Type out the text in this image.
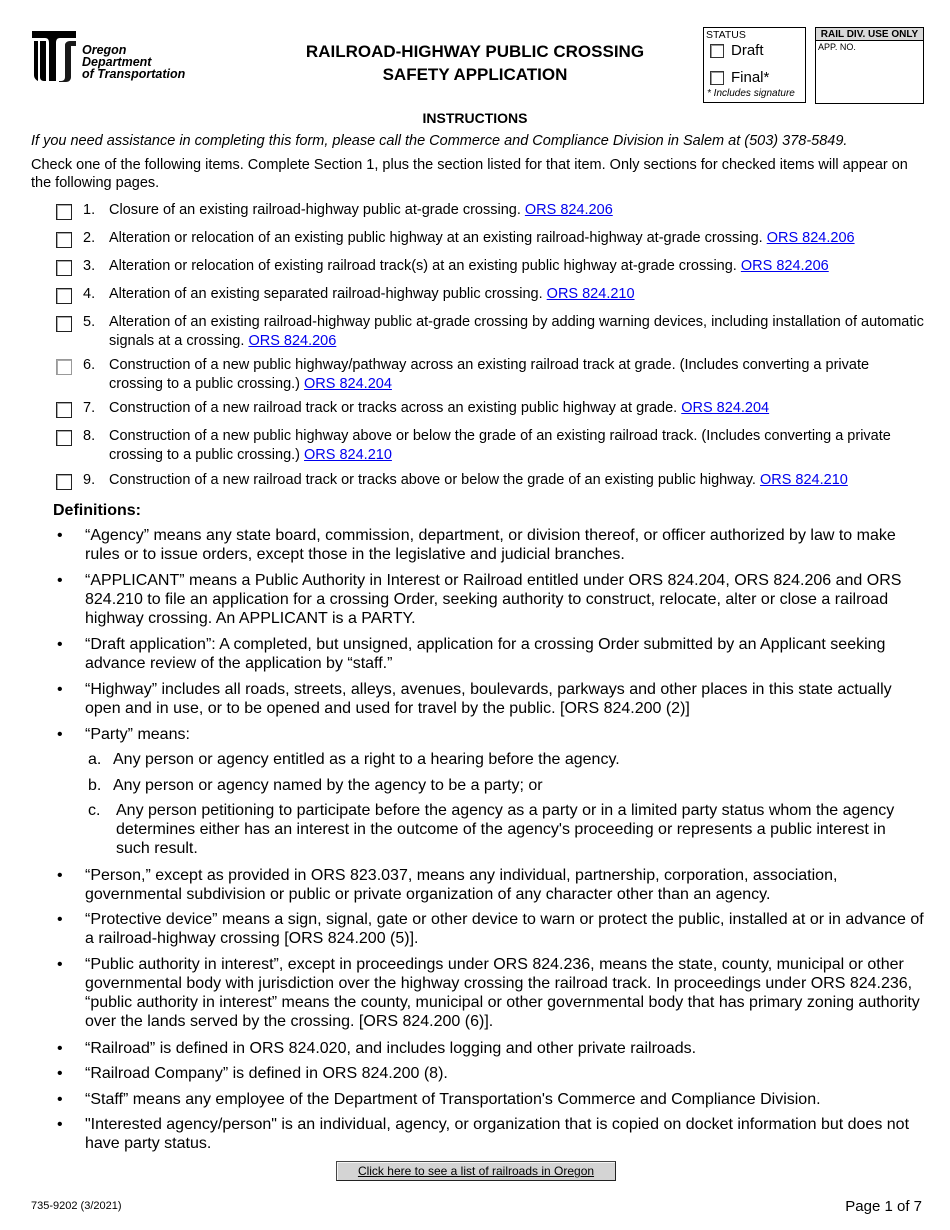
Oregon
Department
of Transportation
RAILROAD-HIGHWAY PUBLIC CROSSING
SAFETY APPLICATION
STATUS
Draft
Final*
* Includes signature
RAIL DIV. USE ONLY
APP. NO.
INSTRUCTIONS
If you need assistance in completing this form, please call the Commerce and Compliance Division in Salem at (503) 378-5849.
Check one of the following items. Complete Section 1, plus the section listed for that item. Only sections for checked items will appear on the following pages.
1. Closure of an existing railroad-highway public at-grade crossing. ORS 824.206
2. Alteration or relocation of an existing public highway at an existing railroad-highway at-grade crossing. ORS 824.206
3. Alteration or relocation of existing railroad track(s) at an existing public highway at-grade crossing. ORS 824.206
4. Alteration of an existing separated railroad-highway public crossing. ORS 824.210
5. Alteration of an existing railroad-highway public at-grade crossing by adding warning devices, including installation of automatic signals at a crossing. ORS 824.206
6. Construction of a new public highway/pathway across an existing railroad track at grade. (Includes converting a private crossing to a public crossing.) ORS 824.204
7. Construction of a new railroad track or tracks across an existing public highway at grade. ORS 824.204
8. Construction of a new public highway above or below the grade of an existing railroad track. (Includes converting a private crossing to a public crossing.) ORS 824.210
9. Construction of a new railroad track or tracks above or below the grade of an existing public highway. ORS 824.210
Definitions:
• “Agency” means any state board, commission, department, or division thereof, or officer authorized by law to make rules or to issue orders, except those in the legislative and judicial branches.
• “APPLICANT” means a Public Authority in Interest or Railroad entitled under ORS 824.204, ORS 824.206 and ORS 824.210 to file an application for a crossing Order, seeking authority to construct, relocate, alter or close a railroad highway crossing. An APPLICANT is a PARTY.
• “Draft application”: A completed, but unsigned, application for a crossing Order submitted by an Applicant seeking advance review of the application by “staff.”
• “Highway” includes all roads, streets, alleys, avenues, boulevards, parkways and other places in this state actually open and in use, or to be opened and used for travel by the public. [ORS 824.200 (2)]
• “Party” means:
a. Any person or agency entitled as a right to a hearing before the agency.
b. Any person or agency named by the agency to be a party; or
c. Any person petitioning to participate before the agency as a party or in a limited party status whom the agency determines either has an interest in the outcome of the agency's proceeding or represents a public interest in such result.
• “Person,” except as provided in ORS 823.037, means any individual, partnership, corporation, association, governmental subdivision or public or private organization of any character other than an agency.
• “Protective device” means a sign, signal, gate or other device to warn or protect the public, installed at or in advance of a railroad-highway crossing [ORS 824.200 (5)].
• “Public authority in interest”, except in proceedings under ORS 824.236, means the state, county, municipal or other governmental body with jurisdiction over the highway crossing the railroad track. In proceedings under ORS 824.236, “public authority in interest” means the county, municipal or other governmental body that has primary zoning authority over the lands served by the crossing. [ORS 824.200 (6)].
• “Railroad” is defined in ORS 824.020, and includes logging and other private railroads.
• “Railroad Company” is defined in ORS 824.200 (8).
• “Staff” means any employee of the Department of Transportation's Commerce and Compliance Division.
• "Interested agency/person" is an individual, agency, or organization that is copied on docket information but does not have party status.
Click here to see a list of railroads in Oregon
735-9202 (3/2021)	Page 1 of 7
